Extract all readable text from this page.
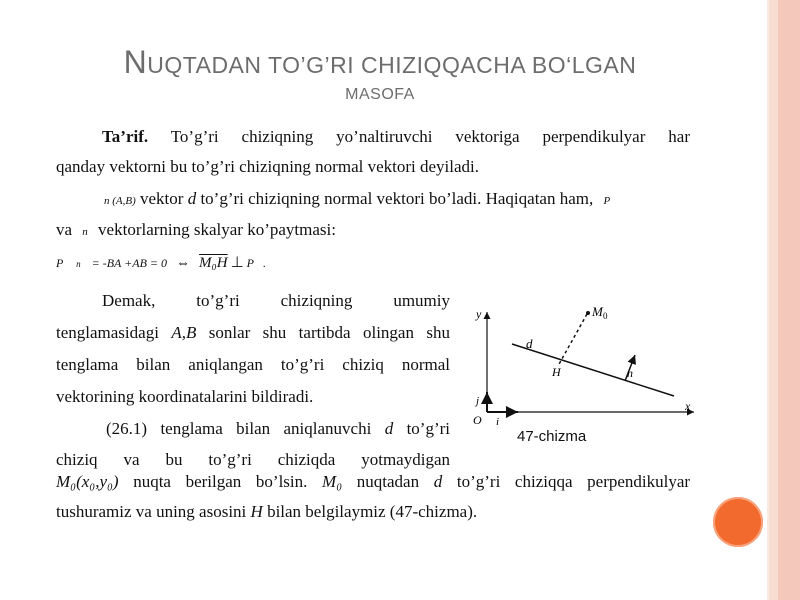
NUQTADAN TO’G’RI CHIZIQQACHA BO‘LGAN
MASOFA
Ta’rif. To’g’ri chiziqning yo’naltiruvchi vektoriga perpendikulyar har
qanday vektorni bu to’g’ri chiziqning normal vektori deyiladi.
n (A,B) vektor d to’g’ri chiziqning normal vektori bo’ladi. Haqiqatan ham, P
va n vektorlarning skalyar ko’paytmasi:
P n = -BA +AB = 0 ⇔ M₀H ⊥ P .
Demak, to’g’ri chiziqning umumiy
tenglamasidagi A,B sonlar shu tartibda olingan shu
tenglama bilan aniqlangan to’g’ri chiziq normal
vektorining koordinatalarini bildiradi.
(26.1) tenglama bilan aniqlanuvchi d to’g’ri
chiziq va bu to’g’ri chiziqda yotmaydigan
M₀(x₀,y₀) nuqta berilgan bo’lsin. M₀ nuqtadan d to’g’ri chiziqqa perpendikulyar
tushuramiz va uning asosini H bilan belgilaymiz (47-chizma).
y
x
O i
j
d
M 0
H	n
47-chizma
